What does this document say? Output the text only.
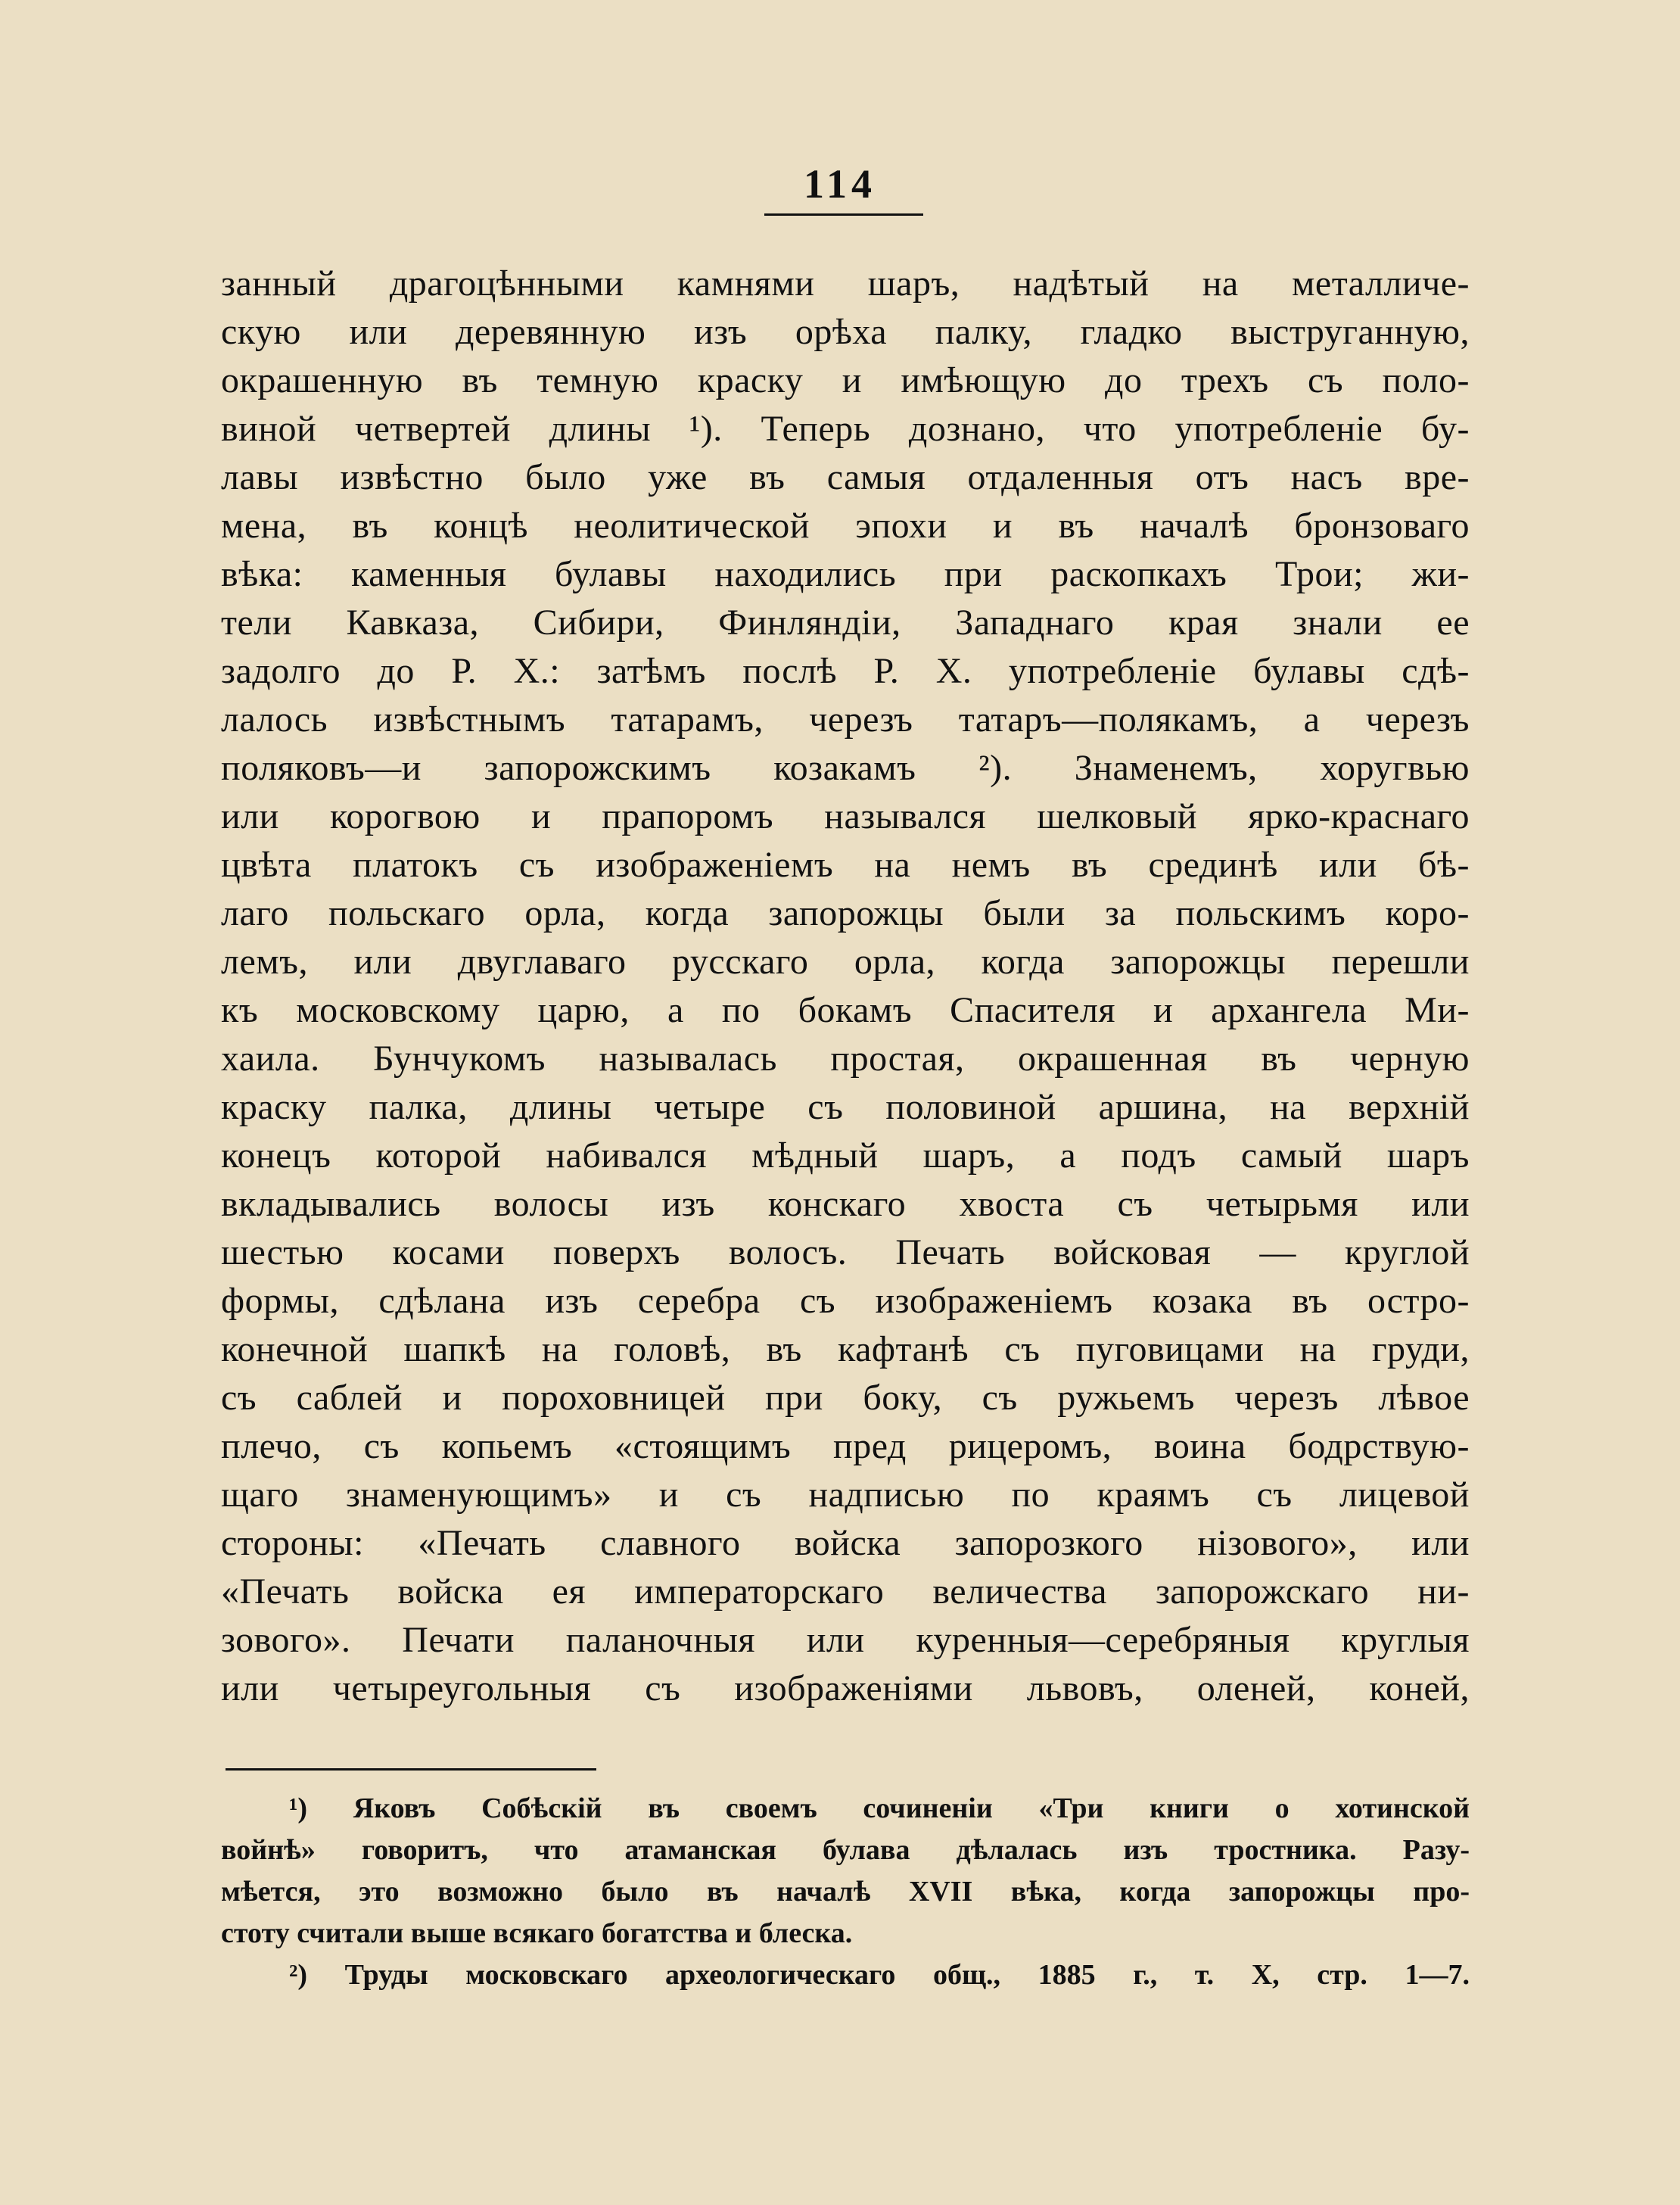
114
занный драгоцѣнными камнями шаръ, надѣтый на металличе-
скую или деревянную изъ орѣха палку, гладко выструганную,
окрашенную въ темную краску и имѣющую до трехъ съ поло-
виной четвертей длины ¹). Теперь дознано, что употребленіе бу-
лавы извѣстно было уже въ самыя отдаленныя отъ насъ вре-
мена, въ концѣ неолитической эпохи и въ началѣ бронзоваго
вѣка: каменныя булавы находились при раскопкахъ Трои; жи-
тели Кавказа, Сибири, Финляндіи, Западнаго края знали ее
задолго до Р. Х.: затѣмъ послѣ Р. Х. употребленіе булавы сдѣ-
лалось извѣстнымъ татарамъ, черезъ татаръ—полякамъ, а черезъ
поляковъ—и запорожскимъ козакамъ ²). Знаменемъ, хоругвью
или корогвою и прапоромъ назывался шелковый ярко-краснаго
цвѣта платокъ съ изображеніемъ на немъ въ срединѣ или бѣ-
лаго польскаго орла, когда запорожцы были за польскимъ коро-
лемъ, или двуглаваго русскаго орла, когда запорожцы перешли
къ московскому царю, а по бокамъ Спасителя и архангела Ми-
хаила. Бунчукомъ называлась простая, окрашенная въ черную
краску палка, длины четыре съ половиной аршина, на верхній
конецъ которой набивался мѣдный шаръ, а подъ самый шаръ
вкладывались волосы изъ конскаго хвоста съ четырьмя или
шестью косами поверхъ волосъ. Печать войсковая — круглой
формы, сдѣлана изъ серебра съ изображеніемъ козака въ остро-
конечной шапкѣ на головѣ, въ кафтанѣ съ пуговицами на груди,
съ саблей и пороховницей при боку, съ ружьемъ черезъ лѣвое
плечо, съ копьемъ «стоящимъ пред рицеромъ, воина бодрствую-
щаго знаменующимъ» и съ надписью по краямъ съ лицевой
стороны: «Печать славного войска запорозкого нізового», или
«Печать войска ея императорскаго величества запорожскаго ни-
зового». Печати паланочныя или куренныя—серебряныя круглыя
или четыреугольныя съ изображеніями львовъ, оленей, коней,
¹) Яковъ Собѣскій въ своемъ сочиненіи «Три книги о хотинской
войнѣ» говоритъ, что атаманская булава дѣлалась изъ тростника. Разу-
мѣется, это возможно было въ началѣ XVII вѣка, когда запорожцы про-
стоту считали выше всякаго богатства и блеска.
²) Труды московскаго археологическаго общ., 1885 г., т. X, стр. 1—7.
